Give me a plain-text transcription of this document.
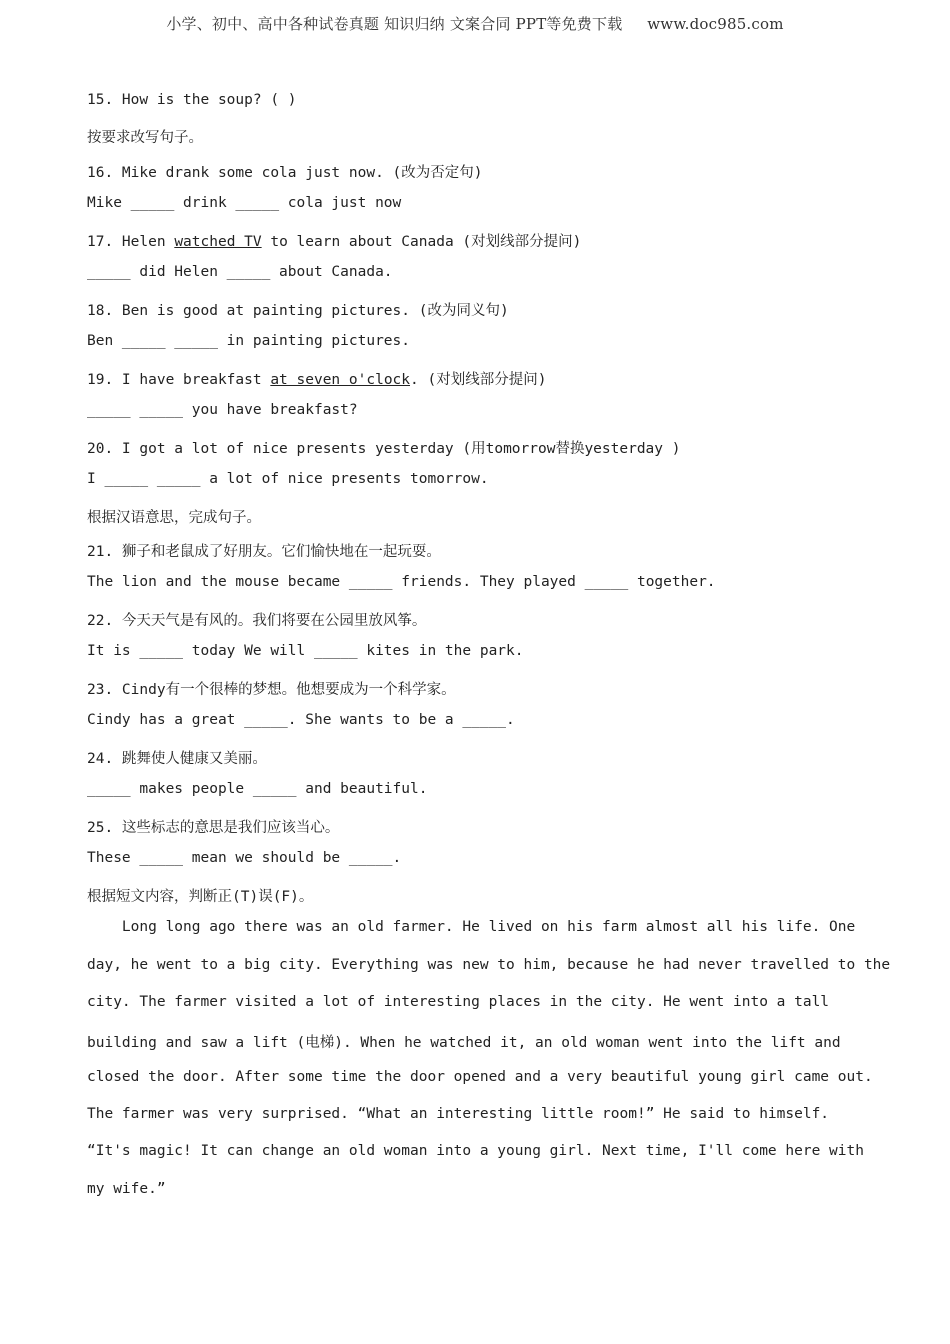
小学、初中、高中各种试卷真题 知识归纳 文案合同 PPT等免费下载 www.doc985.com
15. How is the soup? ( )
按要求改写句子。
16. Mike drank some cola just now. (改为否定句)
Mike _____ drink _____ cola just now
17. Helen watched TV to learn about Canada (对划线部分提问)
_____ did Helen _____ about Canada.
18. Ben is good at painting pictures. (改为同义句)
Ben _____ _____ in painting pictures.
19. I have breakfast at seven o'clock. (对划线部分提问)
_____ _____ you have breakfast?
20. I got a lot of nice presents yesterday (用tomorrow替换yesterday )
I _____ _____ a lot of nice presents tomorrow.
根据汉语意思，完成句子。
21. 狮子和老鼠成了好朋友。它们愉快地在一起玩耍。
The lion and the mouse became _____ friends. They played _____ together.
22. 今天天气是有风的。我们将要在公园里放风筝。
It is _____ today We will _____ kites in the park.
23. Cindy有一个很棒的梦想。他想要成为一个科学家。
Cindy has a great _____. She wants to be a _____.
24. 跳舞使人健康又美丽。
_____ makes people _____ and beautiful.
25. 这些标志的意思是我们应该当心。
These _____ mean we should be _____.
根据短文内容，判断正(T)误(F)。
Long long ago there was an old farmer. He lived on his farm almost all his life. One
day, he went to a big city. Everything was new to him, because he had never travelled to the
city. The farmer visited a lot of interesting places in the city. He went into a tall
building and saw a lift (电梯). When he watched it, an old woman went into the lift and
closed the door. After some time the door opened and a very beautiful young girl came out.
The farmer was very surprised. “What an interesting little room!” He said to himself.
“It's magic! It can change an old woman into a young girl. Next time, I'll come here with
my wife.”
